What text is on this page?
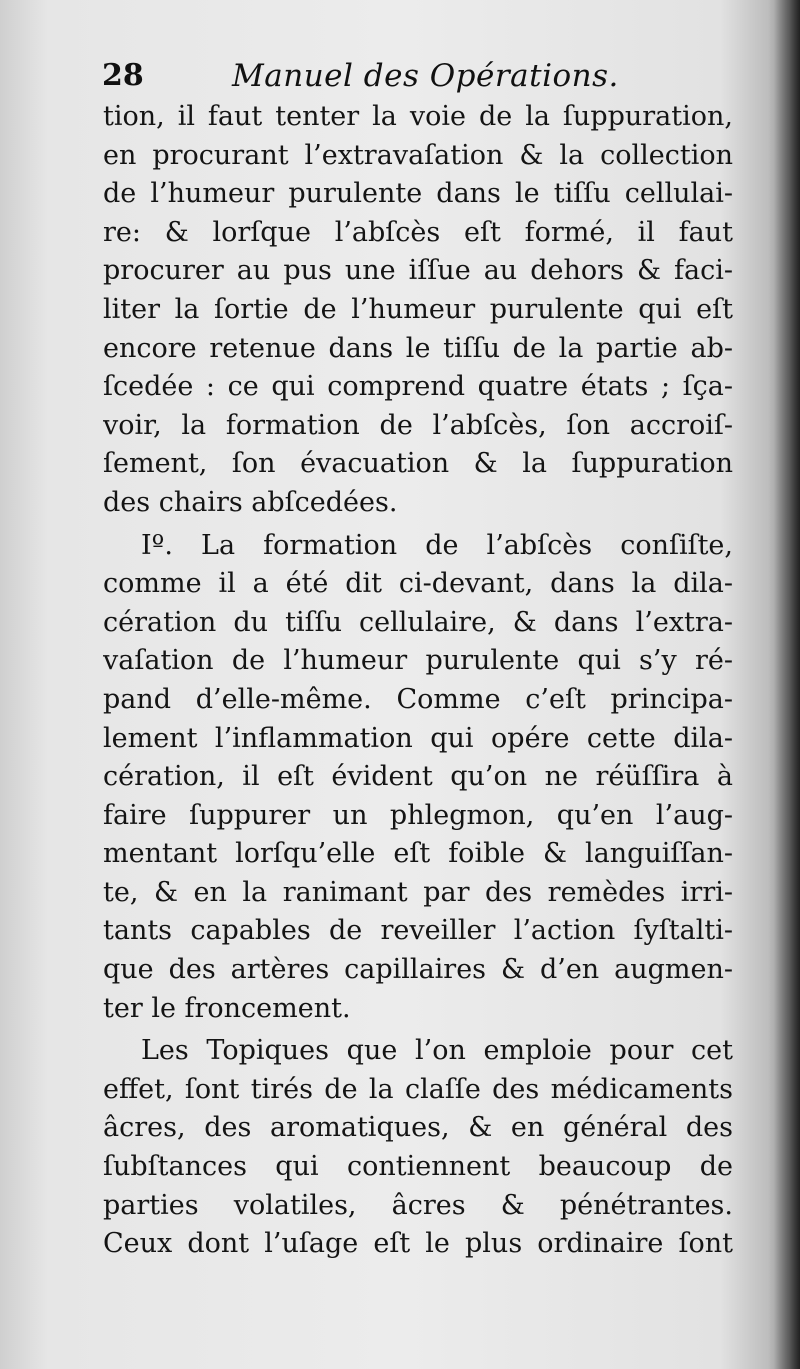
28	Manuel des Opérations.
tion, il faut tenter la voie de la ſuppuration,
en procurant l’extravaſation & la collection
de l’humeur purulente dans le tiſſu cellulai-
re: & lorſque l’abſcès eſt formé, il faut
procurer au pus une iſſue au dehors & faci-
liter la ſortie de l’humeur purulente qui eſt
encore retenue dans le tiſſu de la partie ab-
ſcedée : ce qui comprend quatre états ; ſça-
voir, la formation de l’abſcès, ſon accroiſ-
ſement, ſon évacuation & la ſuppuration
des chairs abſcedées.
Iº. La formation de l’abſcès conſiſte,
comme il a été dit ci-devant, dans la dila-
cération du tiſſu cellulaire, & dans l’extra-
vaſation de l’humeur purulente qui s’y ré-
pand d’elle-même. Comme c’eſt principa-
lement l’inflammation qui opére cette dila-
cération, il eſt évident qu’on ne réüſſira à
faire ſuppurer un phlegmon, qu’en l’aug-
mentant lorſqu’elle eſt foible & languiſſan-
te, & en la ranimant par des remèdes irri-
tants capables de reveiller l’action ſyſtalti-
que des artères capillaires & d’en augmen-
ter le froncement.
Les Topiques que l’on emploie pour cet
effet, ſont tirés de la claſſe des médicaments
âcres, des aromatiques, & en général des
ſubſtances qui contiennent beaucoup de
parties volatiles, âcres & pénétrantes.
Ceux dont l’uſage eſt le plus ordinaire ſont
